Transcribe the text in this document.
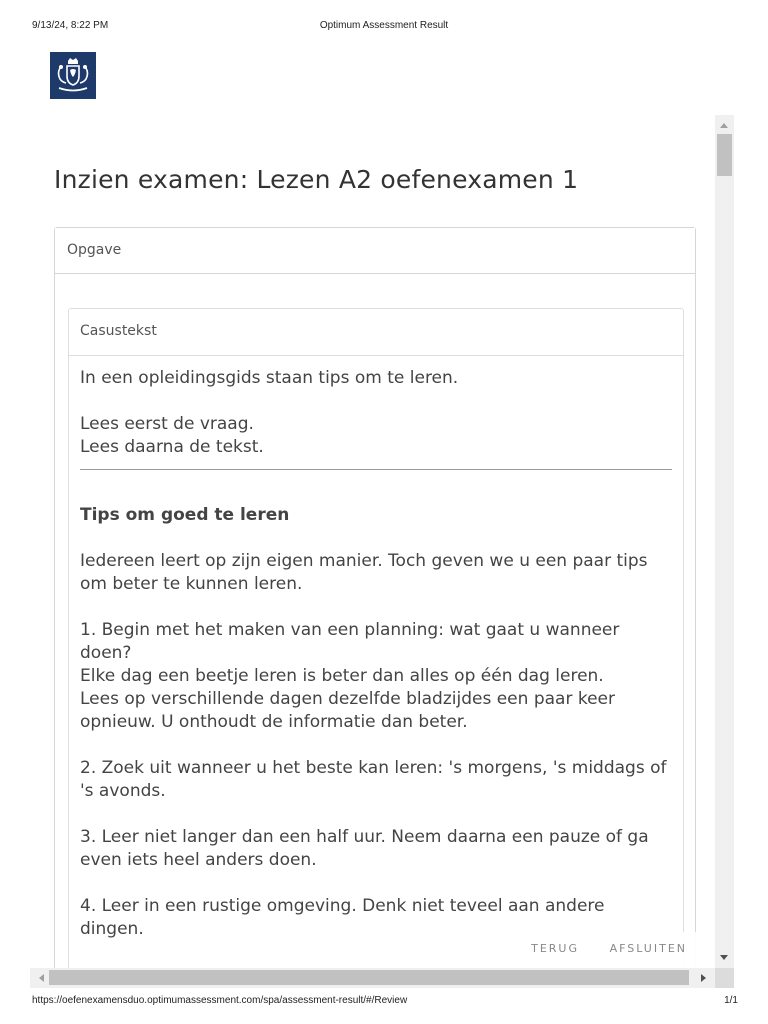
9/13/24, 8:22 PM	Optimum Assessment Result
Inzien examen: Lezen A2 oefenexamen 1
Opgave
Casustekst

In een opleidingsgids staan tips om te leren.

Lees eerst de vraag.

Lees daarna de tekst.

Tips om goed te leren

Iedereen leert op zijn eigen manier. Toch geven we u een paar tips om beter te kunnen leren.

1. Begin met het maken van een planning: wat gaat u wanneer doen?

Elke dag een beetje leren is beter dan alles op één dag leren.

Lees op verschillende dagen dezelfde bladzijdes een paar keer opnieuw. U onthoudt de informatie dan beter.

2. Zoek uit wanneer u het beste kan leren: 's morgens, 's middags of 's avonds.

3. Leer niet langer dan een half uur. Neem daarna een pauze of ga even iets heel anders doen.

4. Leer in een rustige omgeving. Denk niet teveel aan andere dingen.

TERUG	AFSLUITEN
https://oefenexamensduo.optimumassessment.com/spa/assessment-result/#/Review	1/1
